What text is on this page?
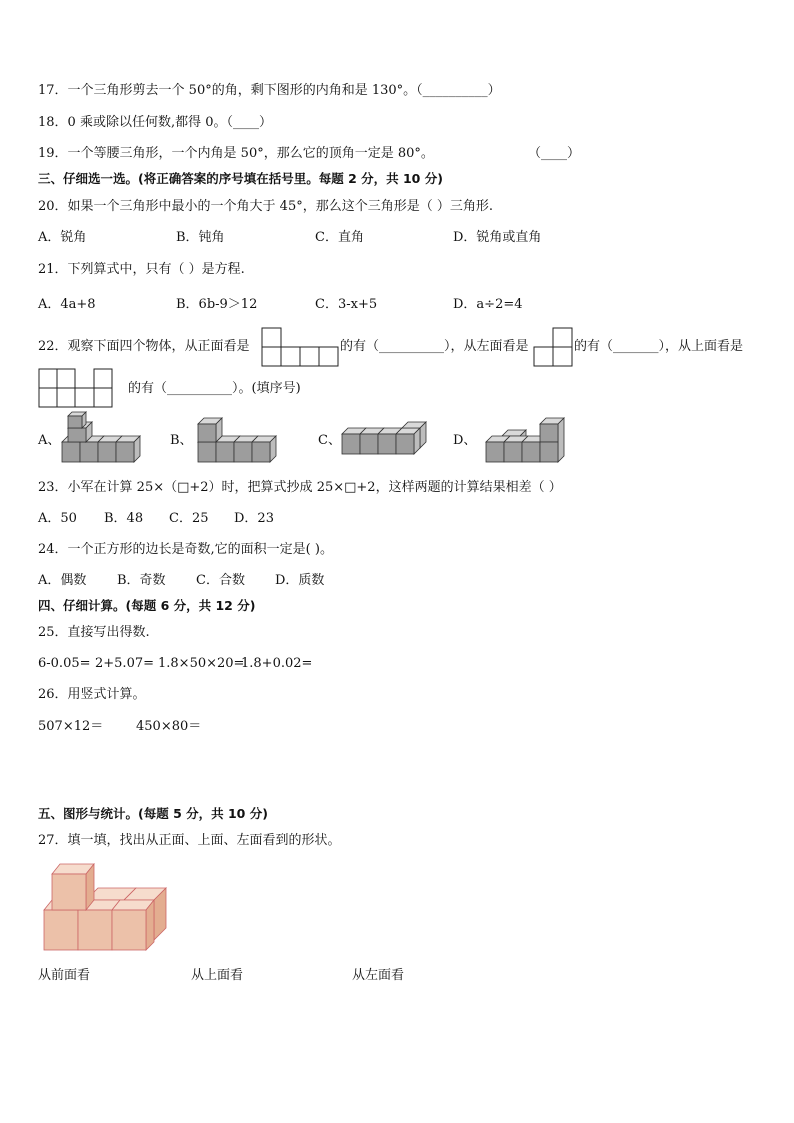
17．一个三角形剪去一个 50°的角，剩下图形的内角和是 130°。（__________）
18．0 乘或除以任何数,都得 0。（____）
19．一个等腰三角形，一个内角是 50°，那么它的顶角一定是 80°。	（____）
三、仔细选一选。(将正确答案的序号填在括号里。每题 2 分，共 10 分)
20．如果一个三角形中最小的一个角大于 45°，那么这个三角形是（ ）三角形.
A．锐角	B．钝角	C．直角	D．锐角或直角
21．下列算式中，只有（ ）是方程.
A．4a+8	B．6b-9＞12	C．3-x+5	D．a÷2=4
22．观察下面四个物体，从正面看是	的有（__________），从左面看是	的有（_______），从上面看是
的有（__________）。(填序号)
A、	B、	C、	D、
23．小军在计算 25×（□+2）时，把算式抄成 25×□+2，这样两题的计算结果相差（ ）
A．50 B．48 C．25 D．23
24．一个正方形的边长是奇数,它的面积一定是( )。
A．偶数 B．奇数 C．合数 D．质数
四、仔细计算。(每题 6 分，共 12 分)
25．直接写出得数.
6-0.05= 2+5.07= 1.8×50×20=
1.8+0.02=
26．用竖式计算。
507×12＝	450×80＝
五、图形与统计。(每题 5 分，共 10 分)
27．填一填，找出从正面、上面、左面看到的形状。
从前面看	从上面看	从左面看
